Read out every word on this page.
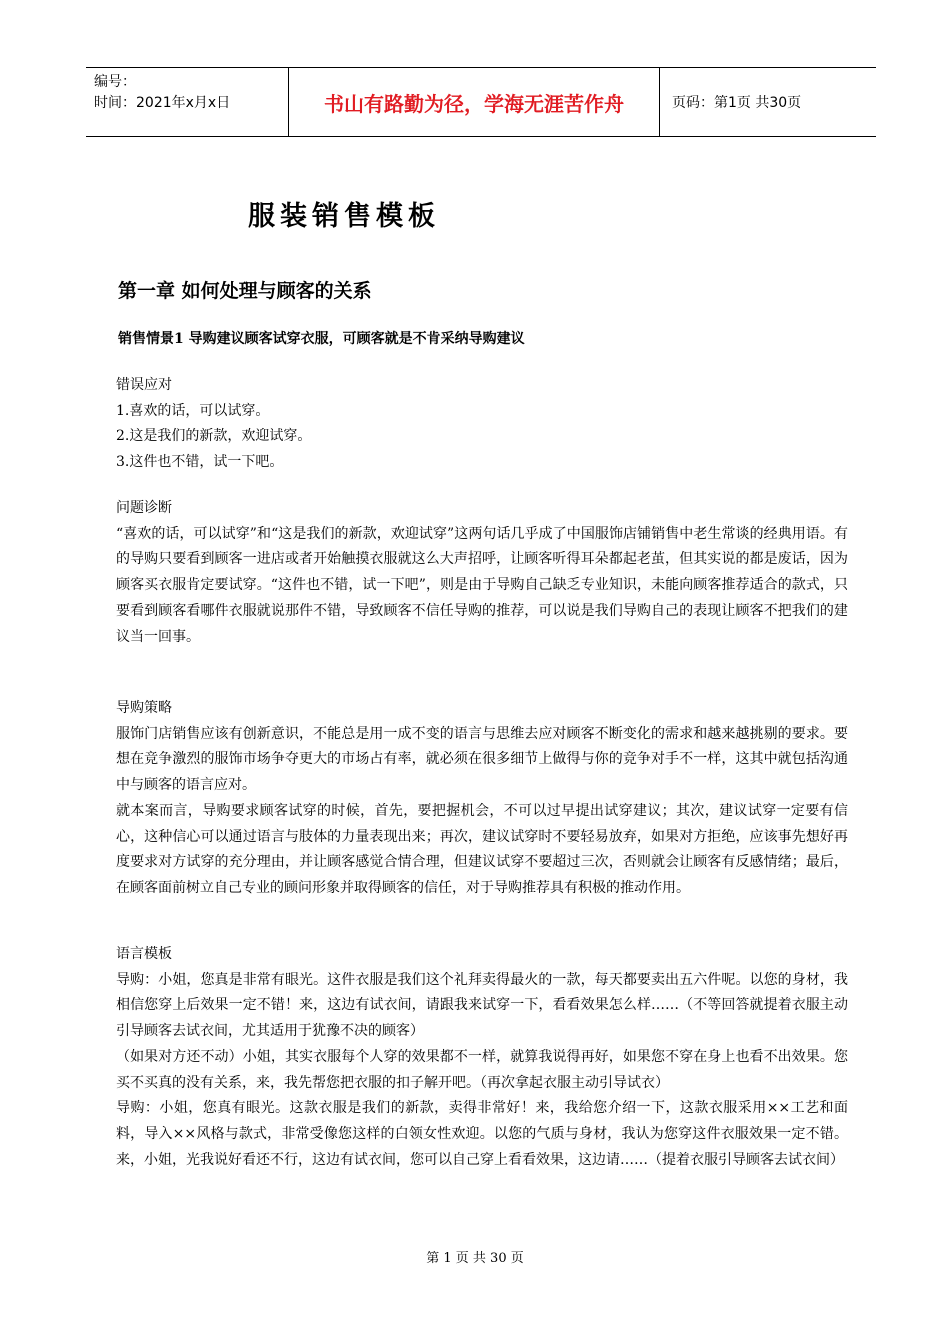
编号：
时间：2021年x月x日	书山有路勤为径，学海无涯苦作舟	页码：第1页 共30页
服装销售模板
第一章 如何处理与顾客的关系
销售情景1 导购建议顾客试穿衣服，可顾客就是不肯采纳导购建议

错误应对

1.喜欢的话，可以试穿。

2.这是我们的新款，欢迎试穿。

3.这件也不错，试一下吧。

问题诊断

“喜欢的话，可以试穿”和“这是我们的新款，欢迎试穿”这两句话几乎成了中国服饰店铺销售中老生常谈的经典用语。有的导购只要看到顾客一进店或者开始触摸衣服就这么大声招呼，让顾客听得耳朵都起老茧，但其实说的都是废话，因为顾客买衣服肯定要试穿。“这件也不错，试一下吧”，则是由于导购自己缺乏专业知识，未能向顾客推荐适合的款式，只要看到顾客看哪件衣服就说那件不错，导致顾客不信任导购的推荐，可以说是我们导购自己的表现让顾客不把我们的建议当一回事。

导购策略

服饰门店销售应该有创新意识，不能总是用一成不变的语言与思维去应对顾客不断变化的需求和越来越挑剔的要求。要想在竞争激烈的服饰市场争夺更大的市场占有率，就必须在很多细节上做得与你的竞争对手不一样，这其中就包括沟通中与顾客的语言应对。

就本案而言，导购要求顾客试穿的时候，首先，要把握机会，不可以过早提出试穿建议；其次，建议试穿一定要有信心，这种信心可以通过语言与肢体的力量表现出来；再次，建议试穿时不要轻易放弃，如果对方拒绝，应该事先想好再度要求对方试穿的充分理由，并让顾客感觉合情合理，但建议试穿不要超过三次，否则就会让顾客有反感情绪；最后，在顾客面前树立自己专业的顾问形象并取得顾客的信任，对于导购推荐具有积极的推动作用。

语言模板

导购：小姐，您真是非常有眼光。这件衣服是我们这个礼拜卖得最火的一款，每天都要卖出五六件呢。以您的身材，我相信您穿上后效果一定不错！来，这边有试衣间，请跟我来试穿一下，看看效果怎么样……（不等回答就提着衣服主动引导顾客去试衣间，尤其适用于犹豫不决的顾客）

（如果对方还不动）小姐，其实衣服每个人穿的效果都不一样，就算我说得再好，如果您不穿在身上也看不出效果。您买不买真的没有关系，来，我先帮您把衣服的扣子解开吧。（再次拿起衣服主动引导试衣）

导购：小姐，您真有眼光。这款衣服是我们的新款，卖得非常好！来，我给您介绍一下，这款衣服采用××工艺和面料，导入××风格与款式，非常受像您这样的白领女性欢迎。以您的气质与身材，我认为您穿这件衣服效果一定不错。来，小姐，光我说好看还不行，这边有试衣间，您可以自己穿上看看效果，这边请……（提着衣服引导顾客去试衣间）

第 1 页 共 30 页
